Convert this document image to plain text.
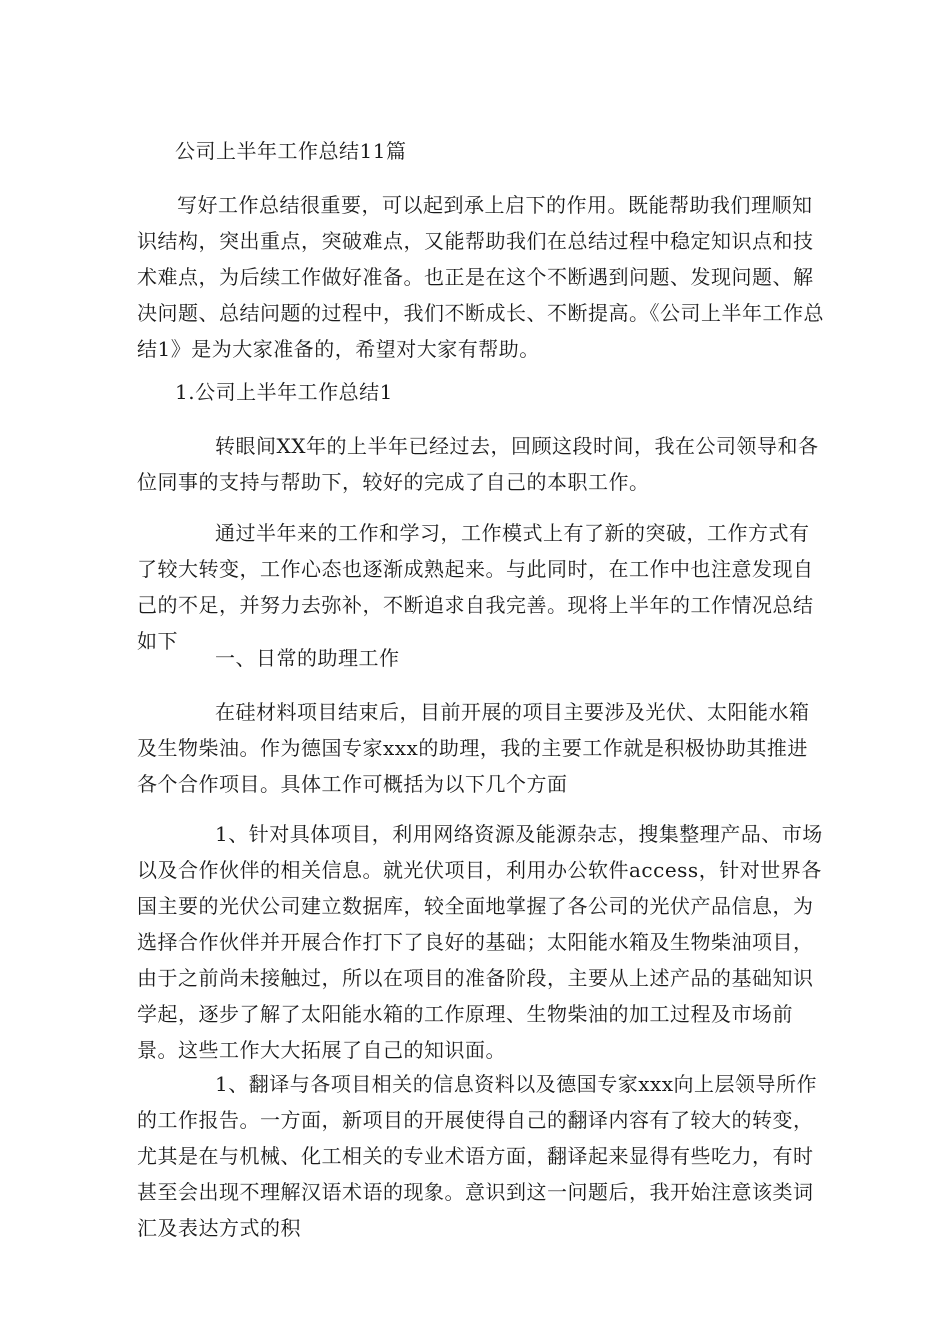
公司上半年工作总结11篇

写好工作总结很重要，可以起到承上启下的作用。既能帮助我们理顺知识结构，突出重点，突破难点，又能帮助我们在总结过程中稳定知识点和技术难点，为后续工作做好准备。也正是在这个不断遇到问题、发现问题、解决问题、总结问题的过程中，我们不断成长、不断提高。《公司上半年工作总结1》是为大家准备的，希望对大家有帮助。

1.公司上半年工作总结1

转眼间XX年的上半年已经过去，回顾这段时间，我在公司领导和各位同事的支持与帮助下，较好的完成了自己的本职工作。

通过半年来的工作和学习，工作模式上有了新的突破，工作方式有了较大转变，工作心态也逐渐成熟起来。与此同时，在工作中也注意发现自己的不足，并努力去弥补，不断追求自我完善。现将上半年的工作情况总结如下

一、日常的助理工作

在硅材料项目结束后，目前开展的项目主要涉及光伏、太阳能水箱及生物柴油。作为德国专家xxx的助理，我的主要工作就是积极协助其推进各个合作项目。具体工作可概括为以下几个方面

1、针对具体项目，利用网络资源及能源杂志，搜集整理产品、市场以及合作伙伴的相关信息。就光伏项目，利用办公软件access，针对世界各国主要的光伏公司建立数据库，较全面地掌握了各公司的光伏产品信息，为选择合作伙伴并开展合作打下了良好的基础；太阳能水箱及生物柴油项目，由于之前尚未接触过，所以在项目的准备阶段，主要从上述产品的基础知识学起，逐步了解了太阳能水箱的工作原理、生物柴油的加工过程及市场前景。这些工作大大拓展了自己的知识面。

1、翻译与各项目相关的信息资料以及德国专家xxx向上层领导所作的工作报告。一方面，新项目的开展使得自己的翻译内容有了较大的转变，尤其是在与机械、化工相关的专业术语方面，翻译起来显得有些吃力，有时甚至会出现不理解汉语术语的现象。意识到这一问题后，我开始注意该类词汇及表达方式的积
